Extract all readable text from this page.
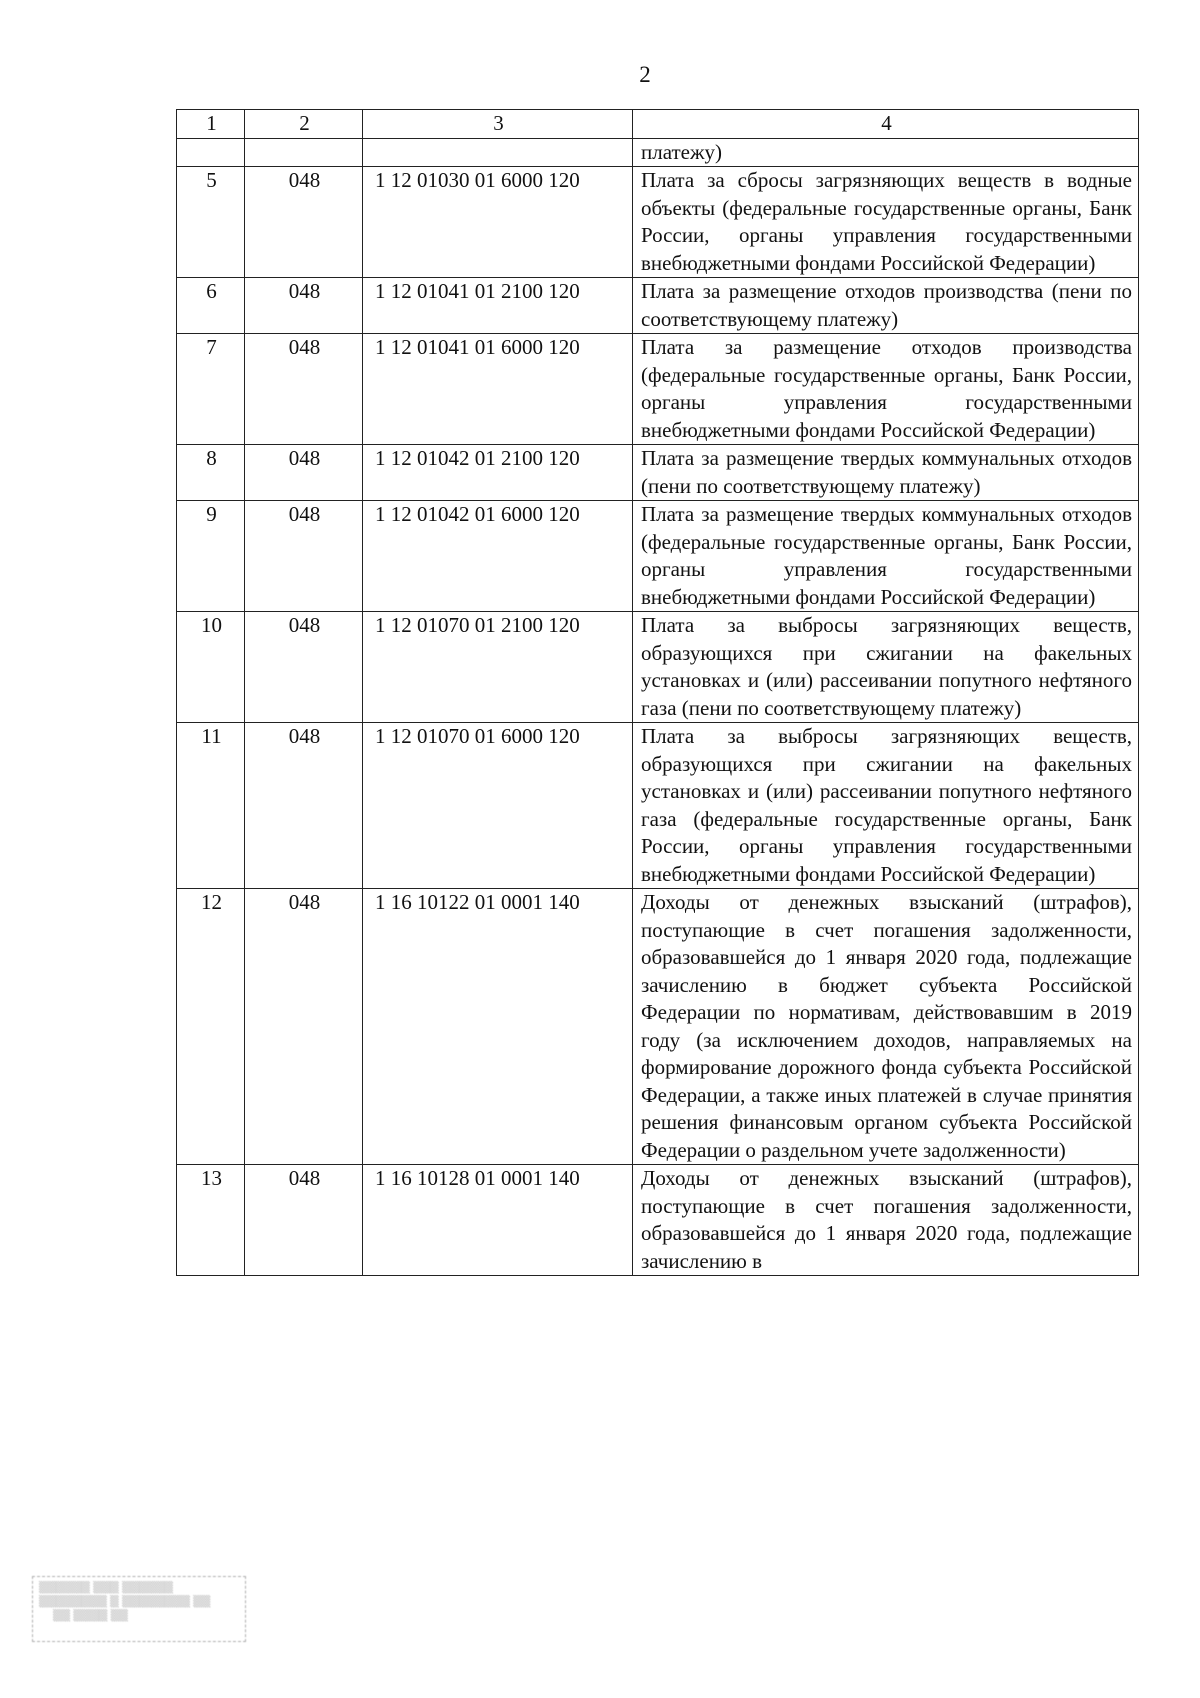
2
1	2	3	4
			платежу)
5	048	1 12 01030 01 6000 120	Плата за сбросы загрязняющих веществ в водные объекты (федеральные государственные органы, Банк России, органы управления государственными внебюджетными фондами Российской Федерации)
6	048	1 12 01041 01 2100 120	Плата за размещение отходов производства (пени по соответствующему платежу)
7	048	1 12 01041 01 6000 120	Плата за размещение отходов производства (федеральные государственные органы, Банк России, органы управления государственными внебюджетными фондами Российской Федерации)
8	048	1 12 01042 01 2100 120	Плата за размещение твердых коммунальных отходов (пени по соответствующему платежу)
9	048	1 12 01042 01 6000 120	Плата за размещение твердых коммунальных отходов (федеральные государственные органы, Банк России, органы управления государственными внебюджетными фондами Российской Федерации)
10	048	1 12 01070 01 2100 120	Плата за выбросы загрязняющих веществ, образующихся при сжигании на факельных установках и (или) рассеивании попутного нефтяного газа (пени по соответствующему платежу)
11	048	1 12 01070 01 6000 120	Плата за выбросы загрязняющих веществ, образующихся при сжигании на факельных установках и (или) рассеивании попутного нефтяного газа (федеральные государственные органы, Банк России, органы управления государственными внебюджетными фондами Российской Федерации)
12	048	1 16 10122 01 0001 140	Доходы от денежных взысканий (штрафов), поступающие в счет погашения задолженности, образовавшейся до 1 января 2020 года, подлежащие зачислению в бюджет субъекта Российской Федерации по нормативам, действовавшим в 2019 году (за исключением доходов, направляемых на формирование дорожного фонда субъекта Российской Федерации, а также иных платежей в случае принятия решения финансовым органом субъекта Российской Федерации о раздельном учете задолженности)
13	048	1 16 10128 01 0001 140	Доходы от денежных взысканий (штрафов), поступающие в счет погашения задолженности, образовавшейся до 1 января 2020 года, подлежащие зачислению в
▒▒▒▒▒▒ ▒▒▒ ▒▒▒▒▒▒
▒▒▒▒▒▒▒▒ ▒ ▒▒▒▒▒▒▒▒ ▒▒
▒▒ ▒▒▒▒ ▒▒
